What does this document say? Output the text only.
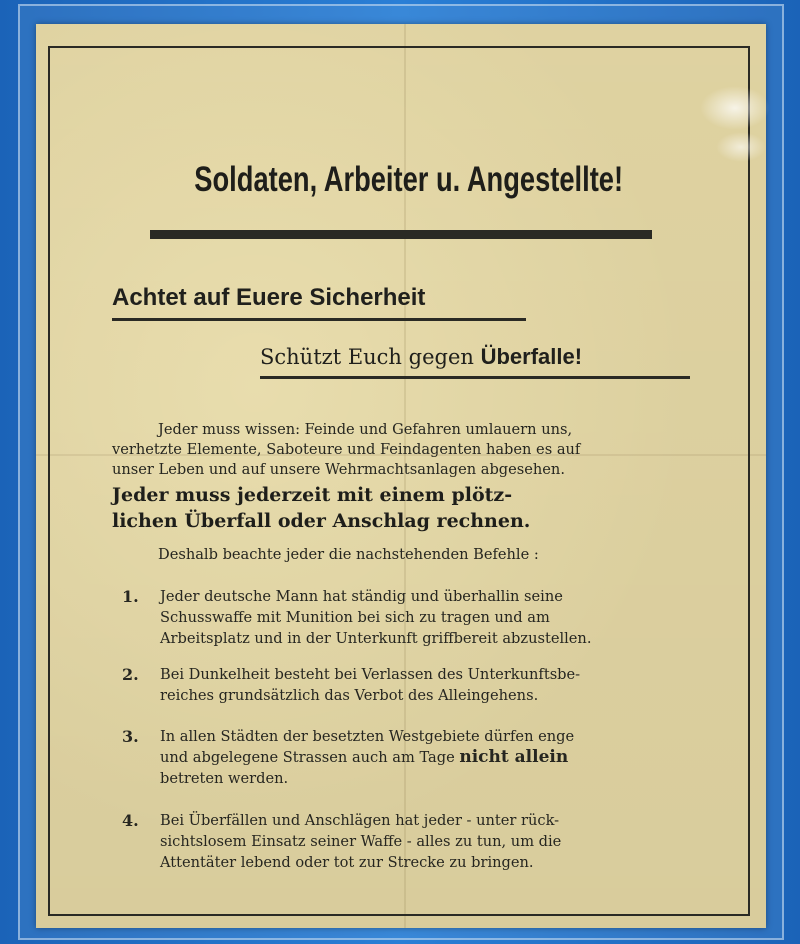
Soldaten, Arbeiter u. Angestellte!
Achtet auf Euere Sicherheit
Schützt Euch gegen Überfalle!
Jeder muss wissen: Feinde und Gefahren umlauern uns,
verhetzte Elemente, Saboteure und Feindagenten haben es auf
unser Leben und auf unsere Wehrmachtsanlagen abgesehen.
Jeder muss jederzeit mit einem plötz-
lichen Überfall oder Anschlag rechnen.
Deshalb beachte jeder die nachstehenden Befehle :
1. Jeder deutsche Mann hat ständig und überhallin seine
Schusswaffe mit Munition bei sich zu tragen und am
Arbeitsplatz und in der Unterkunft griffbereit abzustellen.
2. Bei Dunkelheit besteht bei Verlassen des Unterkunftsbe-
reiches grundsätzlich das Verbot des Alleingehens.
3. In allen Städten der besetzten Westgebiete dürfen enge
und abgelegene Strassen auch am Tage nicht allein
betreten werden.
4. Bei Überfällen und Anschlägen hat jeder - unter rück-
sichtslosem Einsatz seiner Waffe - alles zu tun, um die
Attentäter lebend oder tot zur Strecke zu bringen.
